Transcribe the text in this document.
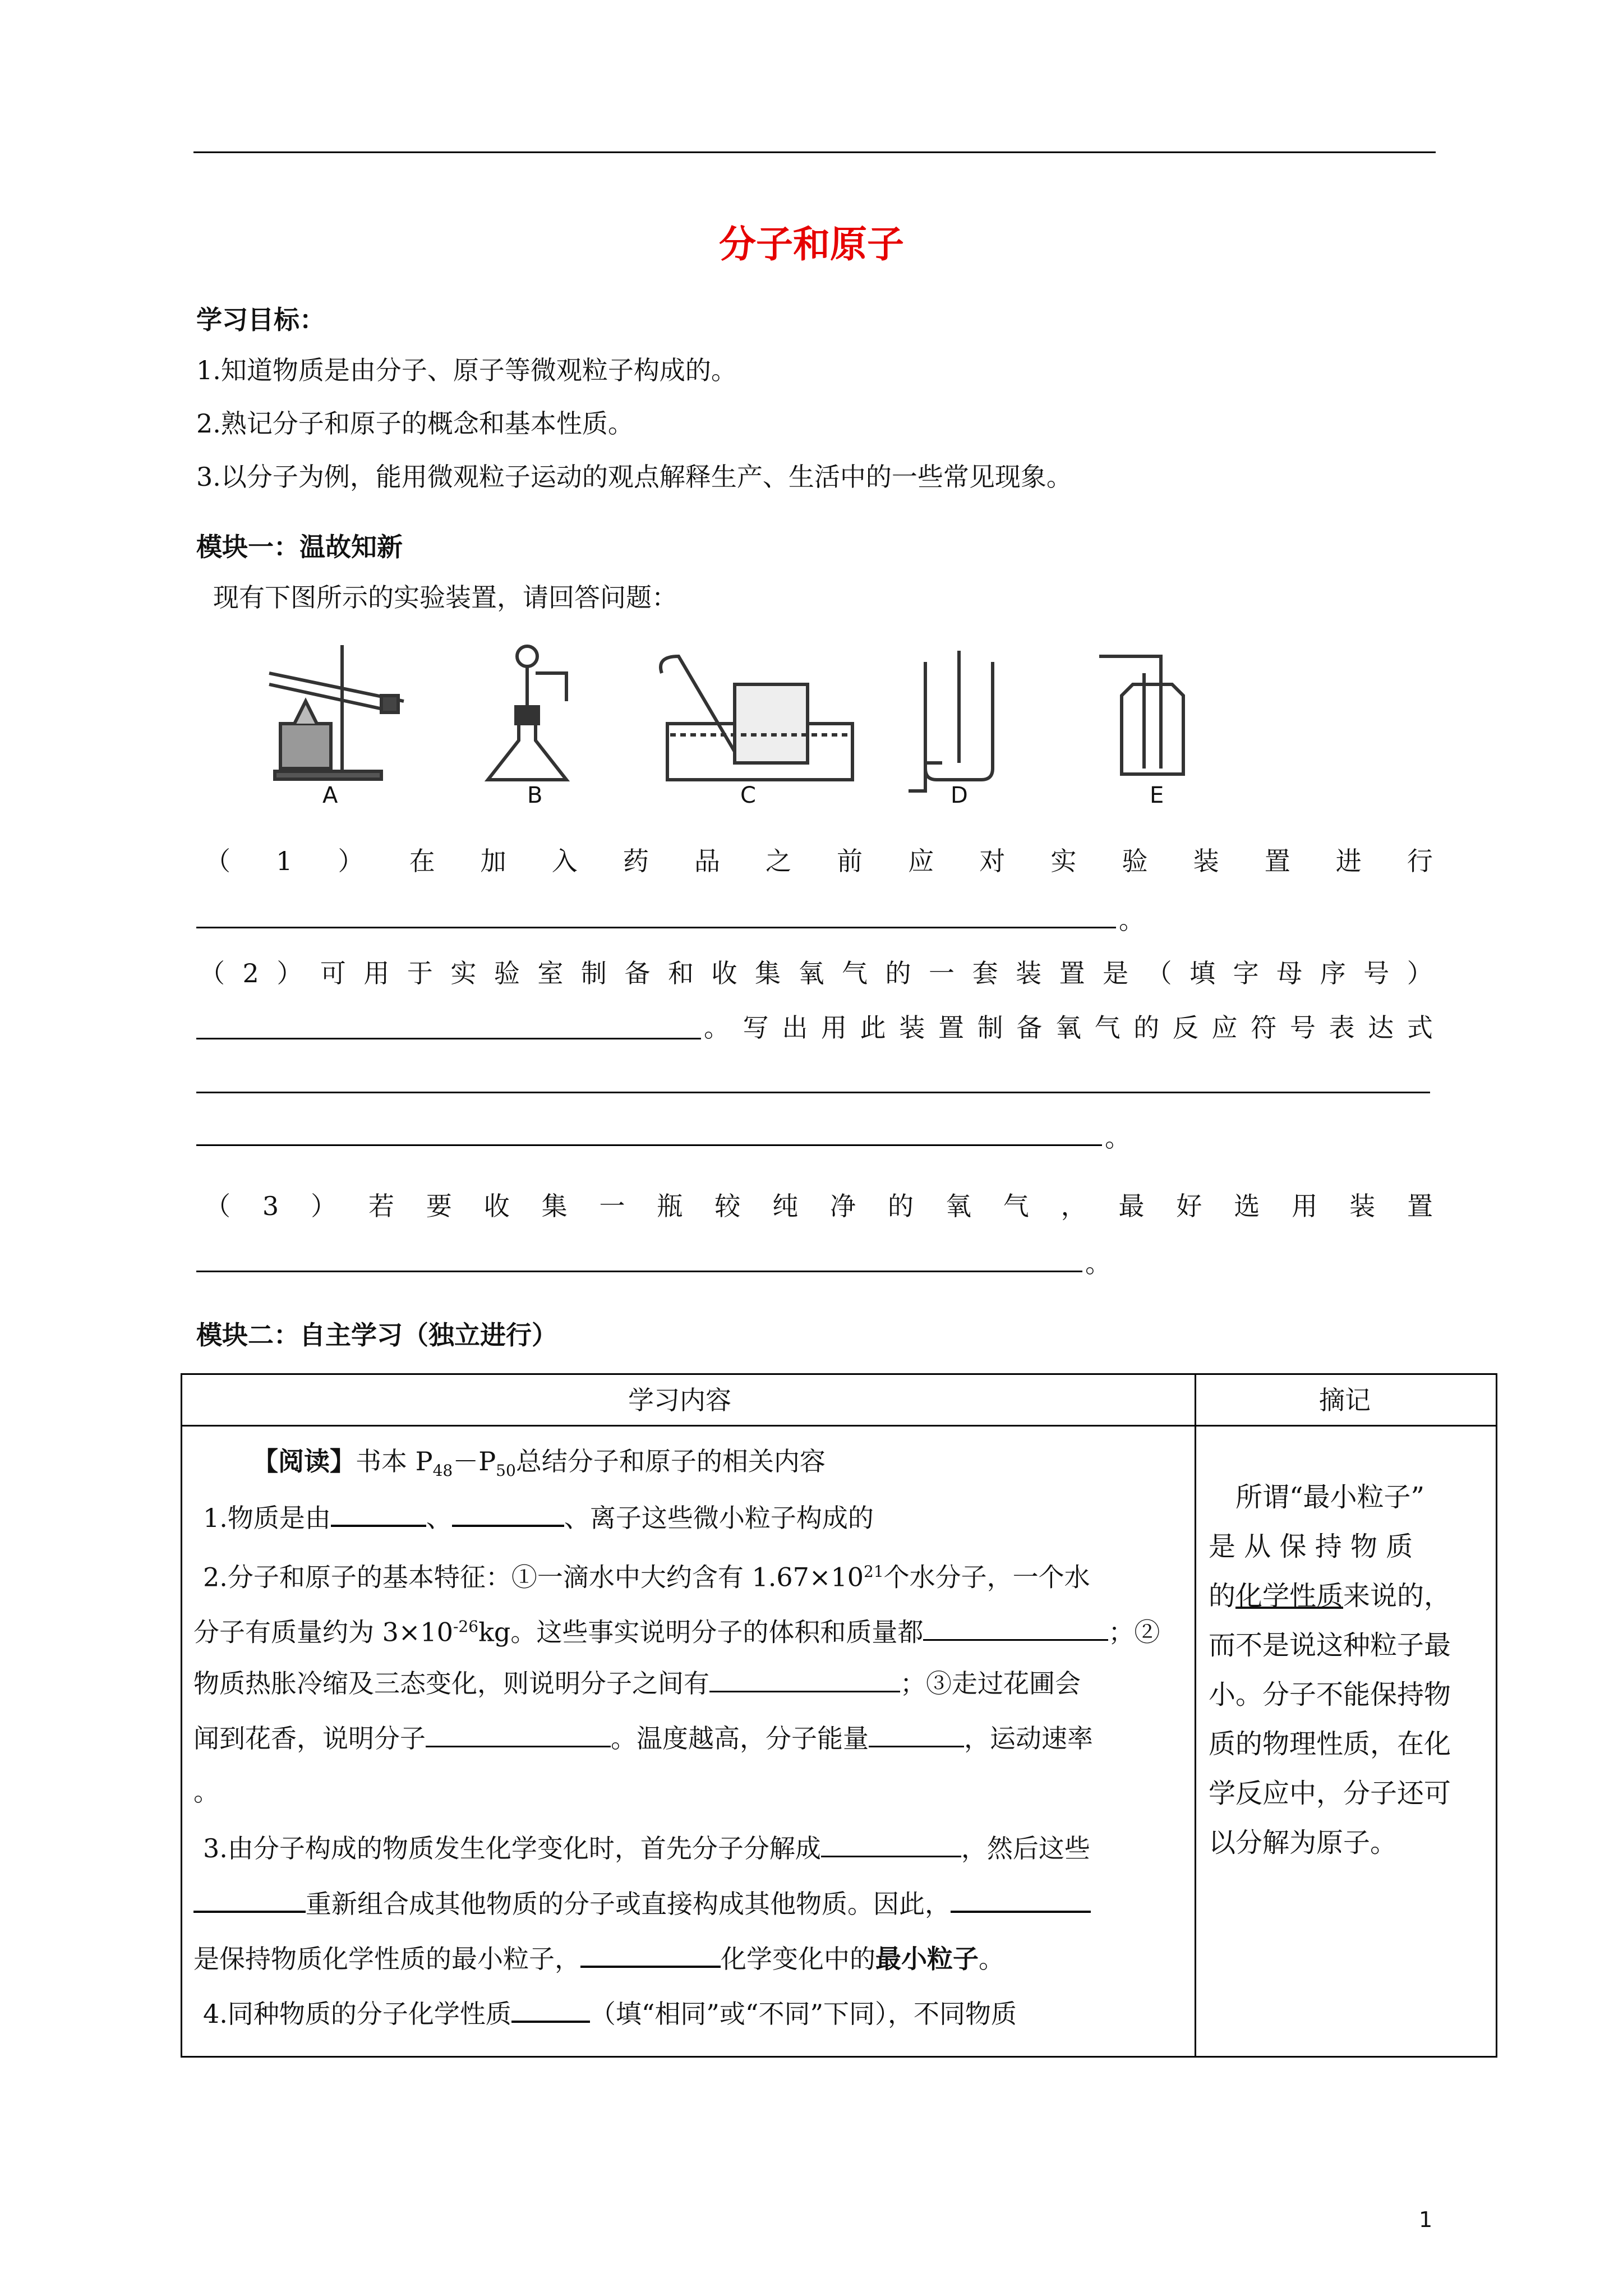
分子和原子
学习目标：
1.知道物质是由分子、原子等微观粒子构成的。
2.熟记分子和原子的概念和基本性质。
3.以分子为例，能用微观粒子运动的观点解释生产、生活中的一些常见现象。
模块一：温故知新
现有下图所示的实验装置，请回答问题：
A	B	C	D	E
（ 1 ） 在 加 入 药 品 之 前 应 对 实 验 装 置 进 行
。
（ 2 ） 可 用 于 实 验 室 制 备 和 收 集 氧 气 的 一 套 装 置 是 （ 填 字 母 序 号 ）
。 写 出 用 此 装 置 制 备 氧 气 的 反 应 符 号 表 达 式
。
（ 3 ） 若 要 收 集 一 瓶 较 纯 净 的 氧 气 ， 最 好 选 用 装 置
。
模块二：自主学习（独立进行）
学习内容	摘记
【阅读】书本 $P_{48}-P_{50}$总结分子和原子的相关内容
1.物质是由	、	、离子这些微小粒子构成的
2.分子和原子的基本特征：①一滴水中大约含有 $1.67\times 10^{21}$个水分子，一个水
分子有质量约为 $3\times 10^{-26}kg$。这些事实说明分子的体积和质量都	；②
物质热胀冷缩及三态变化，则说明分子之间有	；③走过花圃会
闻到花香，说明分子	。温度越高，分子能量	，运动速率
。
3.由分子构成的物质发生化学变化时，首先分子分解成	，然后这些
重新组合成其他物质的分子或直接构成其他物质。因此，
是保持物质化学性质的最小粒子，	化学变化中的最小粒子。
4.同种物质的分子化学性质	（填“相同”或“不同”下同），不同物质
所谓“最小粒子”
是 从 保 持 物 质
的化学性质来说的，
而不是说这种粒子最
小。分子不能保持物
质的物理性质，在化
学反应中，分子还可
以分解为原子。
1
